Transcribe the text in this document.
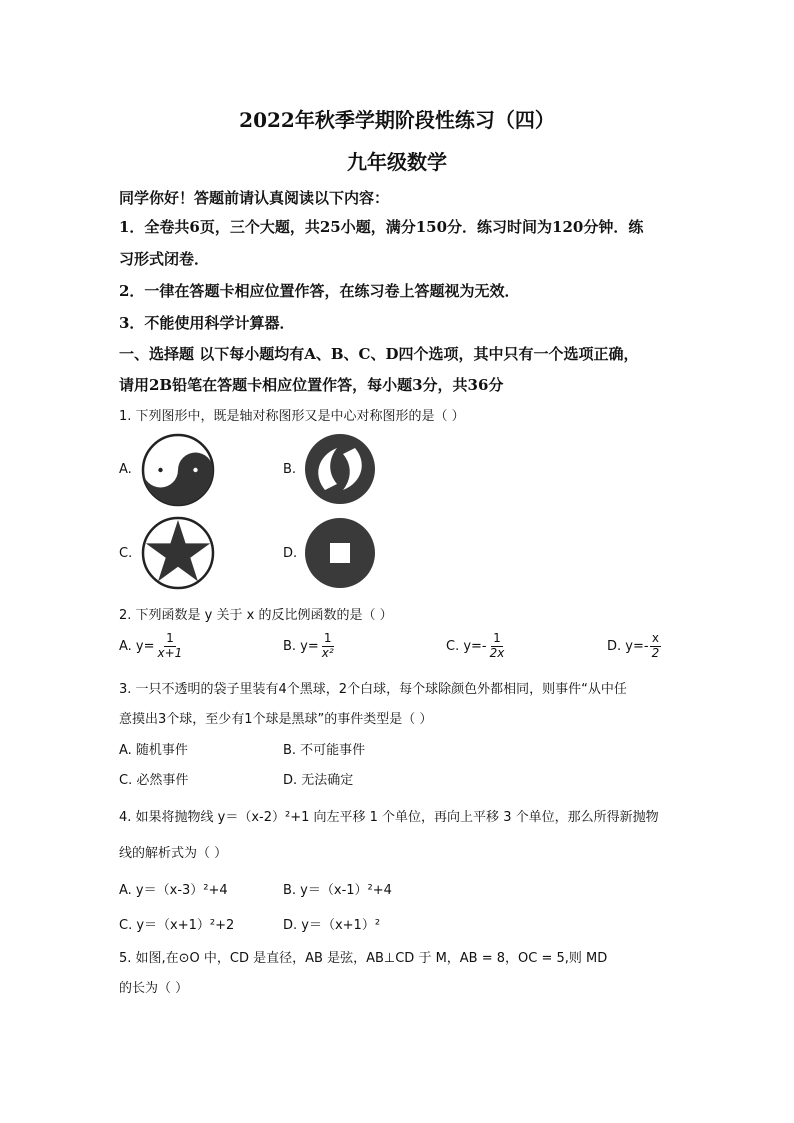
2022年秋季学期阶段性练习（四）
九年级数学
同学你好！答题前请认真阅读以下内容：
1．全卷共6页，三个大题，共25小题，满分150分．练习时间为120分钟．练
习形式闭卷．
2．一律在答题卡相应位置作答，在练习卷上答题视为无效．
3．不能使用科学计算器．
一、选择题 以下每小题均有A、B、C、D四个选项，其中只有一个选项正确，
请用2B铅笔在答题卡相应位置作答，每小题3分，共36分
1. 下列图形中，既是轴对称图形又是中心对称图形的是（ ）
A.	B.
C.	D.
2. 下列函数是 y 关于 x 的反比例函数的是（ ）
A. $y= \frac{1}{x+1}$	B. $y= \frac{1}{\text{x²}}$	C. $y=- \frac{1}{2x}$	D. $y=- \frac{x}{2}$
3. 一只不透明的袋子里装有4个黑球，2个白球，每个球除颜色外都相同，则事件“从中任
意摸出3个球，至少有1个球是黑球”的事件类型是（ ）
A. 随机事件	B. 不可能事件
C. 必然事件	D. 无法确定
4. 如果将抛物线 y＝（x-2）²+1 向左平移 1 个单位，再向上平移 3 个单位，那么所得新抛物
线的解析式为（ ）
A. y＝（x-3）²+4	B. y＝（x-1）²+4
C. y＝（x+1）²+2	D. y＝（x+1）²
5. 如图,在⊙O 中，CD 是直径，AB 是弦，AB⊥CD 于 M，AB = 8，OC = 5,则 MD
的长为（ ）
